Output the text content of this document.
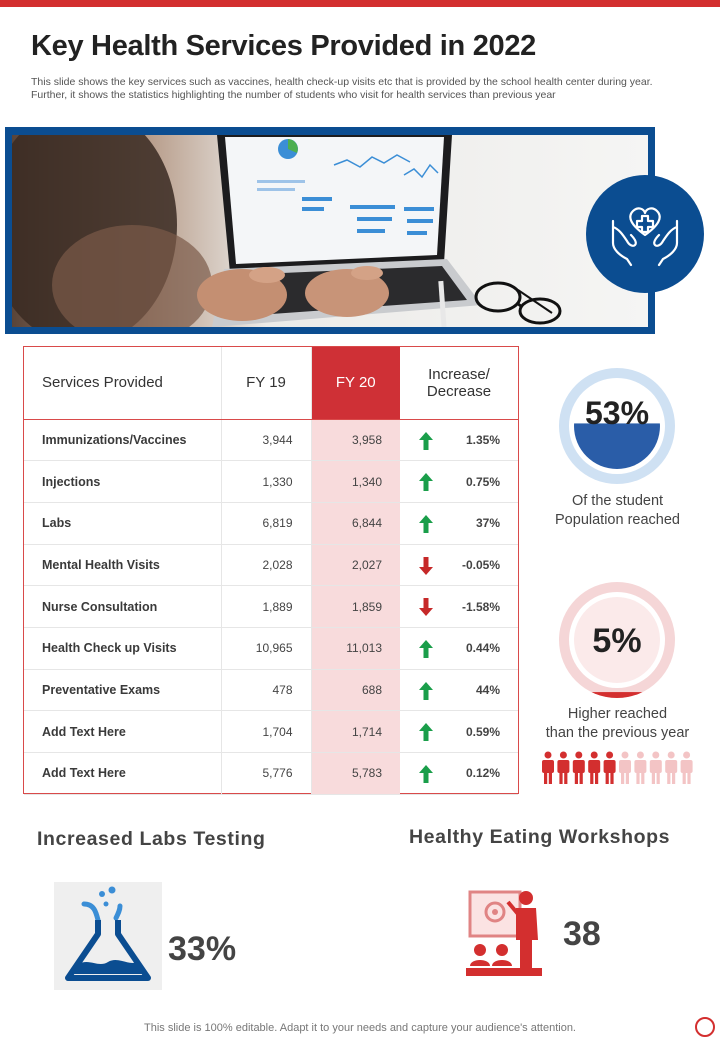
Key Health Services Provided in 2022

This slide shows the key services such as vaccines, health check-up visits etc that is provided by the school health center during year. Further, it shows the statistics highlighting the number of students who visit for health services than previous year

Services Provided	FY 19	FY 20	Increase/ Decrease
Immunizations/Vaccines	3,944	3,958	1.35%
Injections	1,330	1,340	0.75%
Labs	6,819	6,844	37%
Mental Health Visits	2,028	2,027	-0.05%
Nurse Consultation	1,889	1,859	-1.58%
Health Check up Visits	10,965	11,013	0.44%
Preventative Exams	478	688	44%
Add Text Here	1,704	1,714	0.59%
Add Text Here	5,776	5,783	0.12%
53%
Of the student
Population reached
5%
Higher reached
than the previous year
Increased Labs Testing
33%
Healthy Eating Workshops
38
This slide is 100% editable. Adapt it to your needs and capture your audience's attention.
